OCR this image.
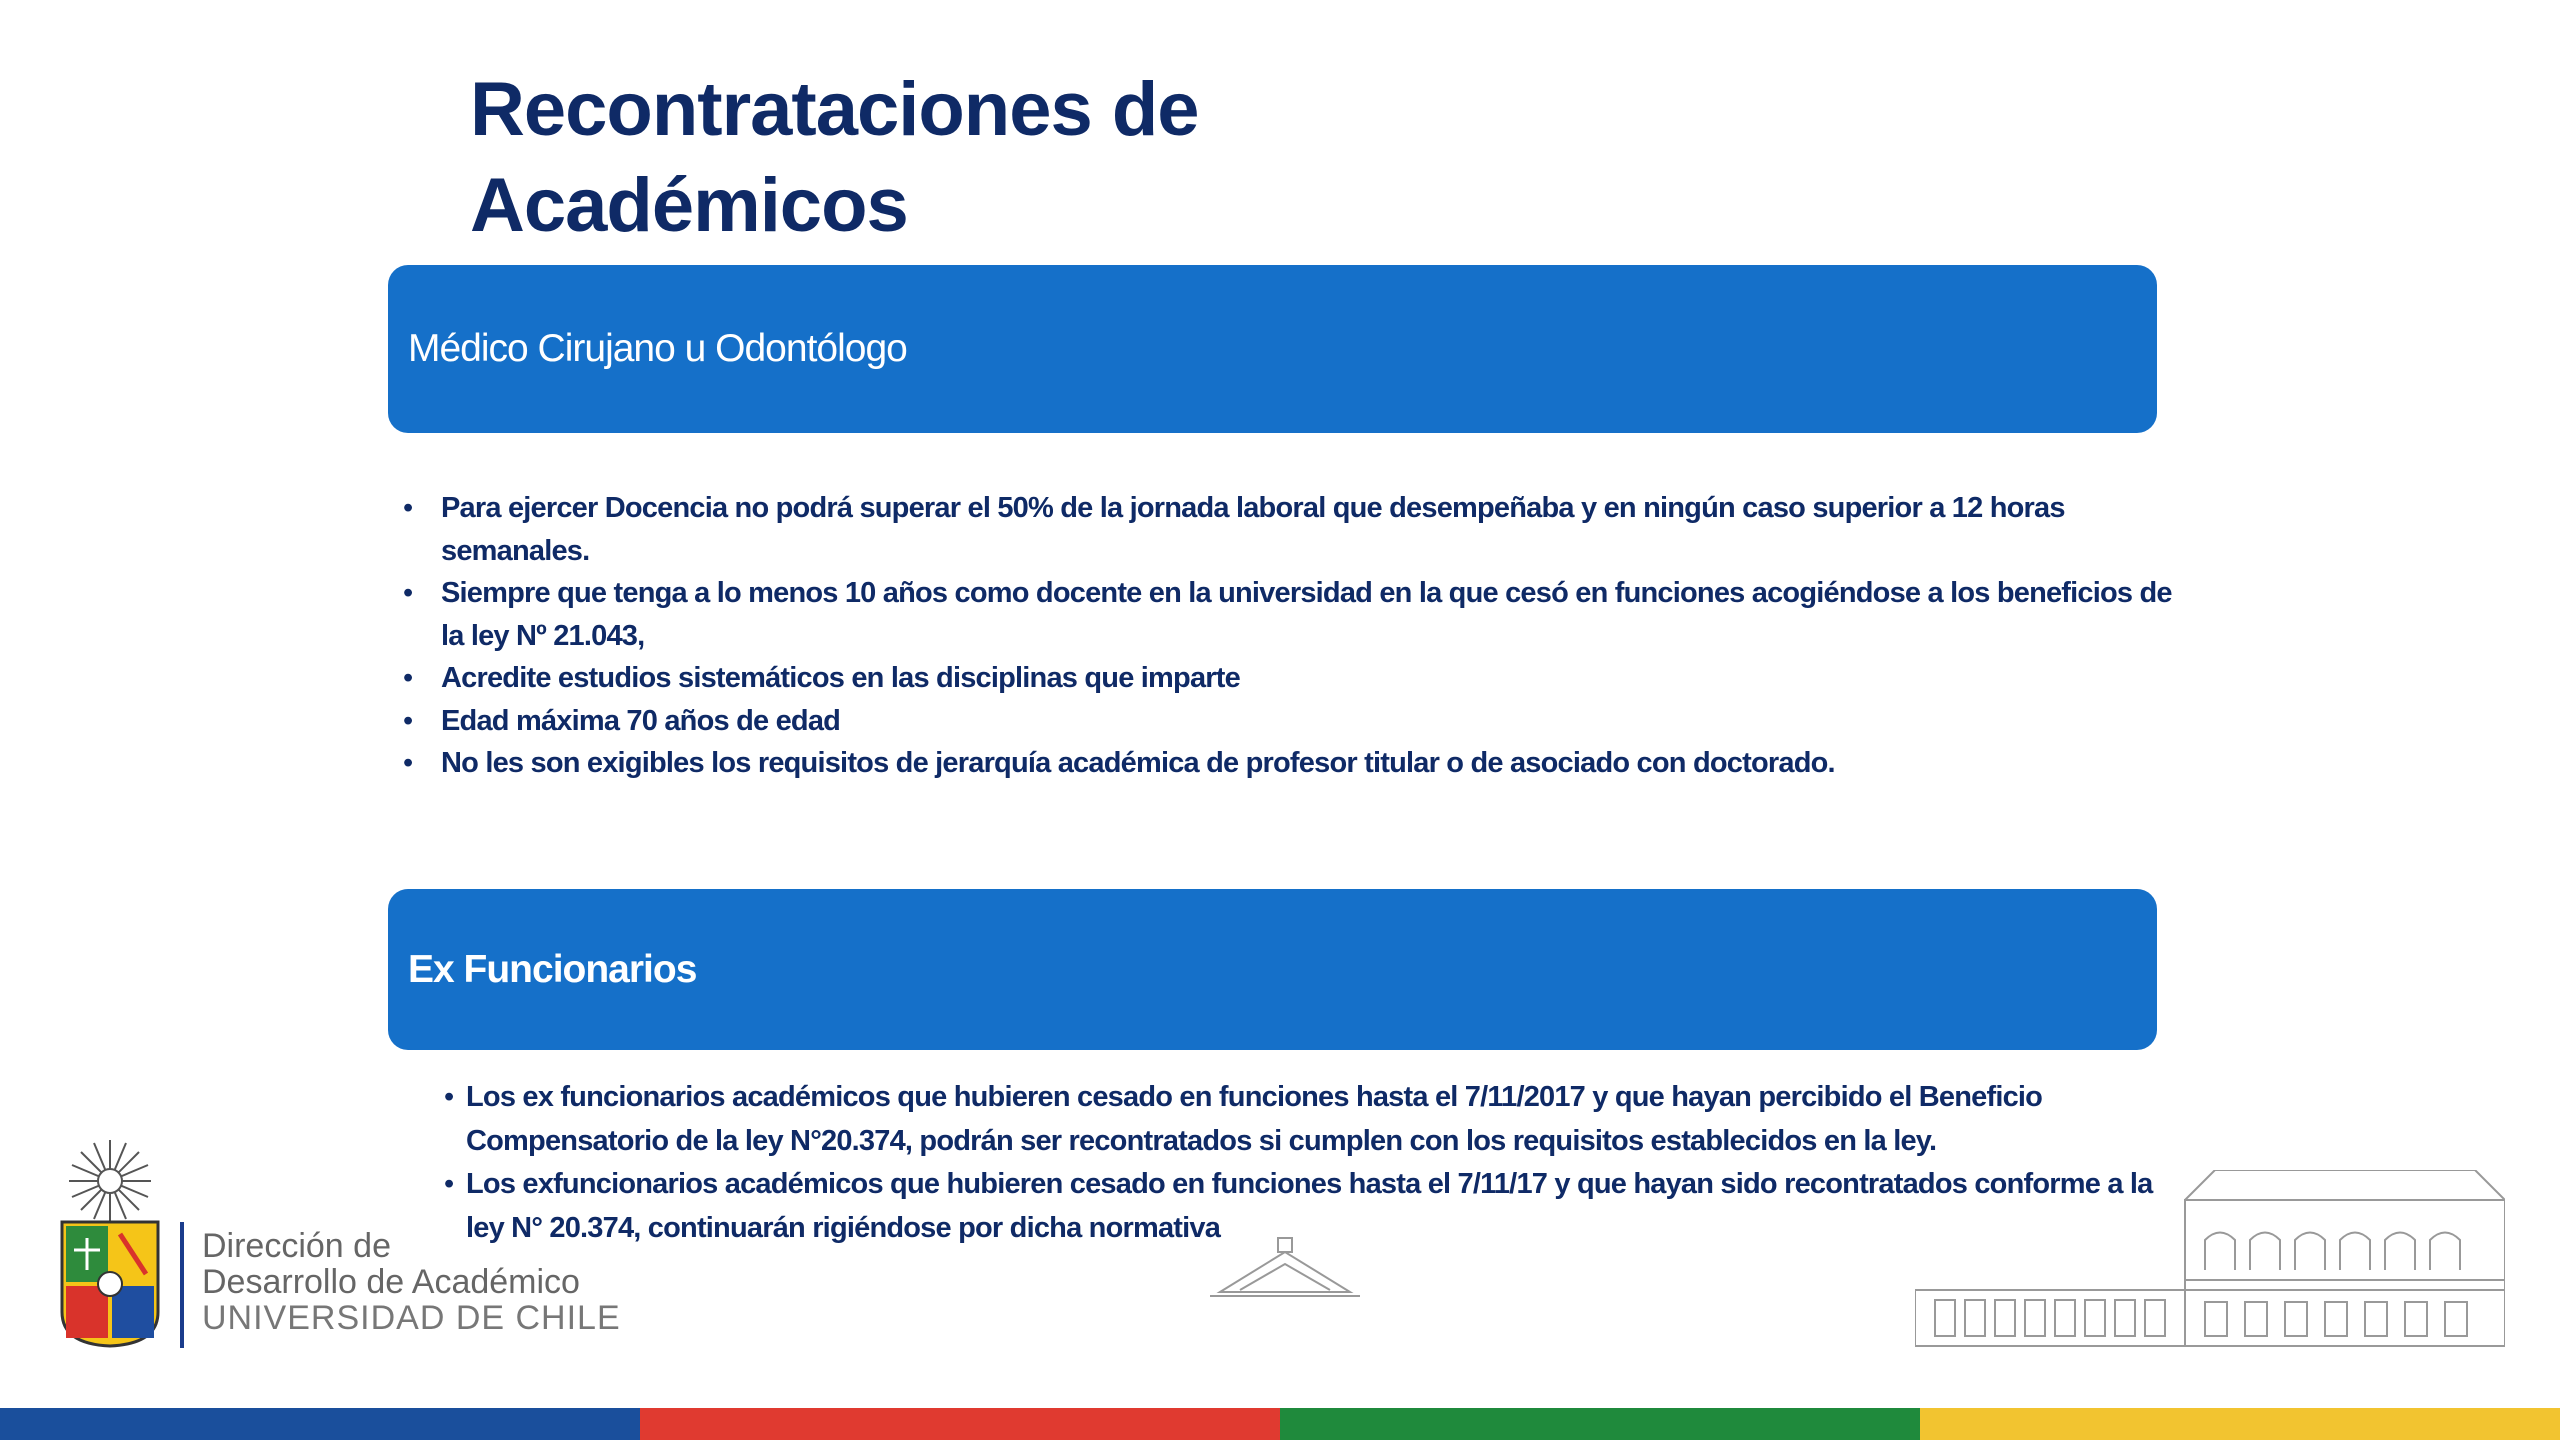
Recontrataciones de
Académicos
Médico Cirujano u Odontólogo
• Para ejercer Docencia no podrá superar el 50% de la jornada laboral que desempeñaba y en ningún caso superior a 12 horas semanales.
• Siempre que tenga a lo menos 10 años como docente en la universidad en la que cesó en funciones acogiéndose a los beneficios de la ley Nº 21.043,
• Acredite estudios sistemáticos en las disciplinas que imparte
• Edad máxima 70 años de edad
• No les son exigibles los requisitos de jerarquía académica de profesor titular o de asociado con doctorado.
Ex Funcionarios
• Los ex funcionarios académicos que hubieren cesado en funciones hasta el 7/11/2017 y que hayan percibido el Beneficio Compensatorio de la ley N°20.374, podrán ser recontratados si cumplen con los requisitos establecidos en la ley.
• Los exfuncionarios académicos que hubieren cesado en funciones hasta el 7/11/17 y que hayan sido recontratados conforme a la ley N° 20.374, continuarán rigiéndose por dicha normativa
Dirección de
Desarrollo de Académico
UNIVERSIDAD DE CHILE
